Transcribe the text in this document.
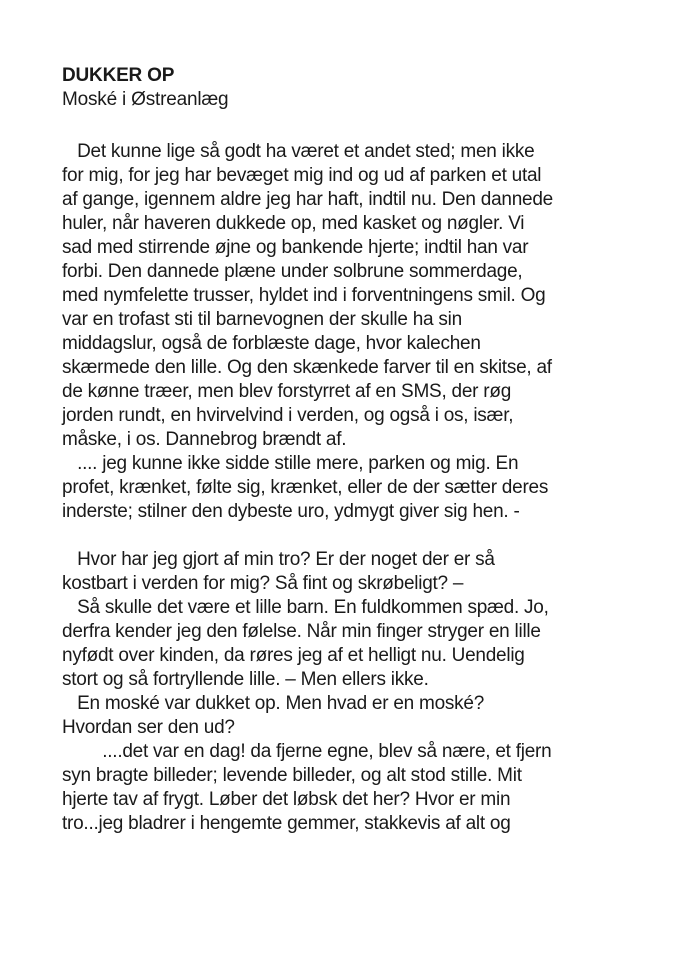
DUKKER OP
Moské i Østreanlæg
Det kunne lige så godt ha været et andet sted; men ikke
for mig, for jeg har bevæget mig ind og ud af parken et utal
af gange, igennem aldre jeg har haft, indtil nu. Den dannede
huler, når haveren dukkede op, med kasket og nøgler. Vi
sad med stirrende øjne og bankende hjerte; indtil han var
forbi. Den dannede plæne under solbrune sommerdage,
med nymfelette trusser, hyldet ind i forventningens smil. Og
var en trofast sti til barnevognen der skulle ha sin
middagslur, også de forblæste dage, hvor kalechen
skærmede den lille. Og den skænkede farver til en skitse, af
de kønne træer, men blev forstyrret af en SMS, der røg
jorden rundt, en hvirvelvind i verden, og også i os, især,
måske, i os. Dannebrog brændt af.
.... jeg kunne ikke sidde stille mere, parken og mig. En
profet, krænket, følte sig, krænket, eller de der sætter deres
inderste; stilner den dybeste uro, ydmygt giver sig hen. -
Hvor har jeg gjort af min tro? Er der noget der er så
kostbart i verden for mig? Så fint og skrøbeligt? –
Så skulle det være et lille barn. En fuldkommen spæd. Jo,
derfra kender jeg den følelse. Når min finger stryger en lille
nyfødt over kinden, da røres jeg af et helligt nu. Uendelig
stort og så fortryllende lille. – Men ellers ikke.
En moské var dukket op. Men hvad er en moské?
Hvordan ser den ud?
....det var en dag! da fjerne egne, blev så nære, et fjern
syn bragte billeder; levende billeder, og alt stod stille. Mit
hjerte tav af frygt. Løber det løbsk det her? Hvor er min
tro...jeg bladrer i hengemte gemmer, stakkevis af alt og
